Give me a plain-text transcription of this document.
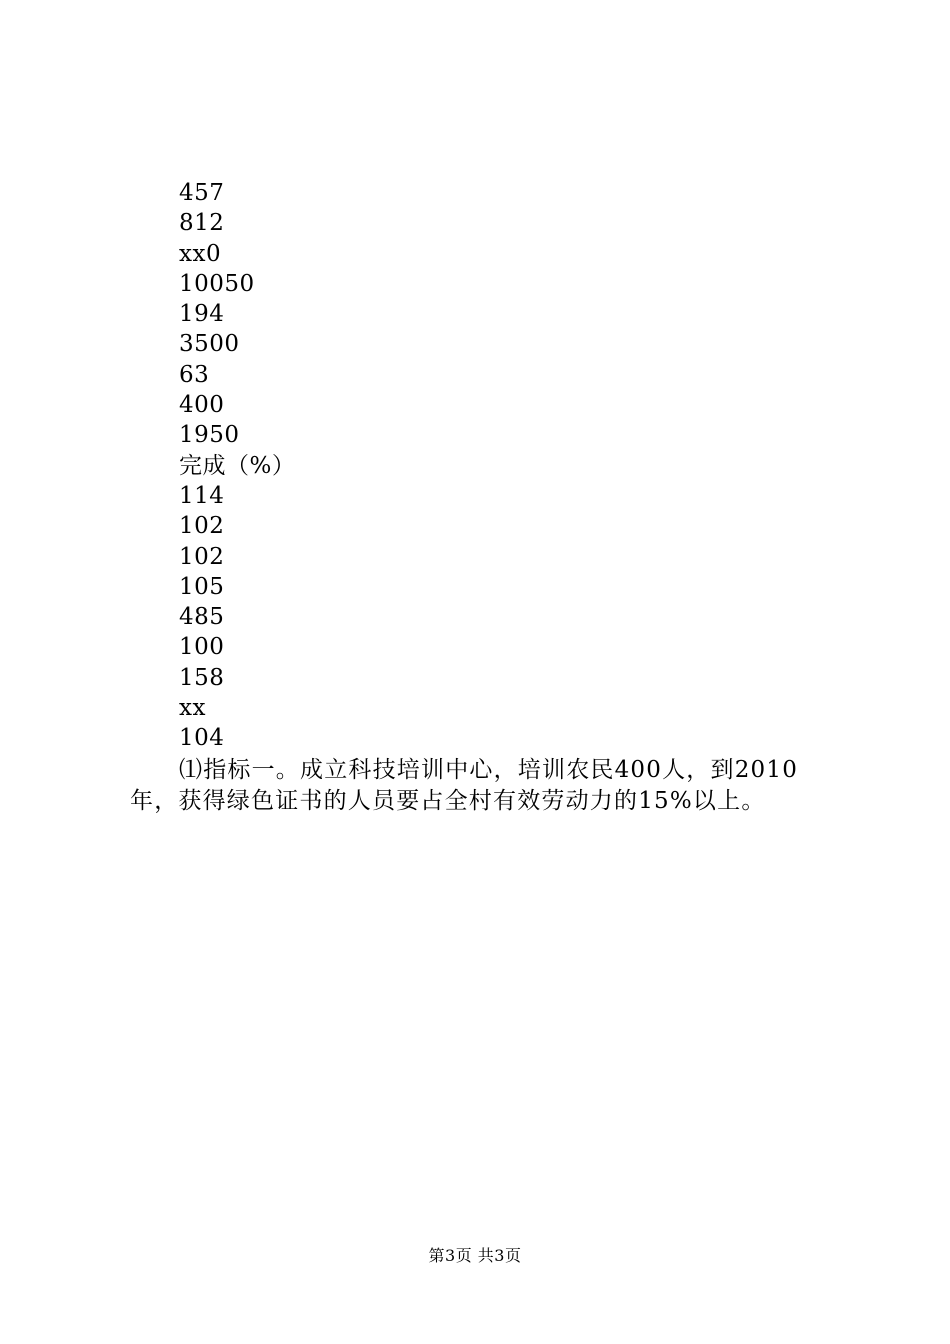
457
812
xx0
10050
194
3500
63
400
1950
完成（%）
114
102
102
105
485
100
158
xx
104

⑴指标一。成立科技培训中心，培训农民400人，到2010年，获得绿色证书的人员要占全村有效劳动力的15%以上。

第3页 共3页
